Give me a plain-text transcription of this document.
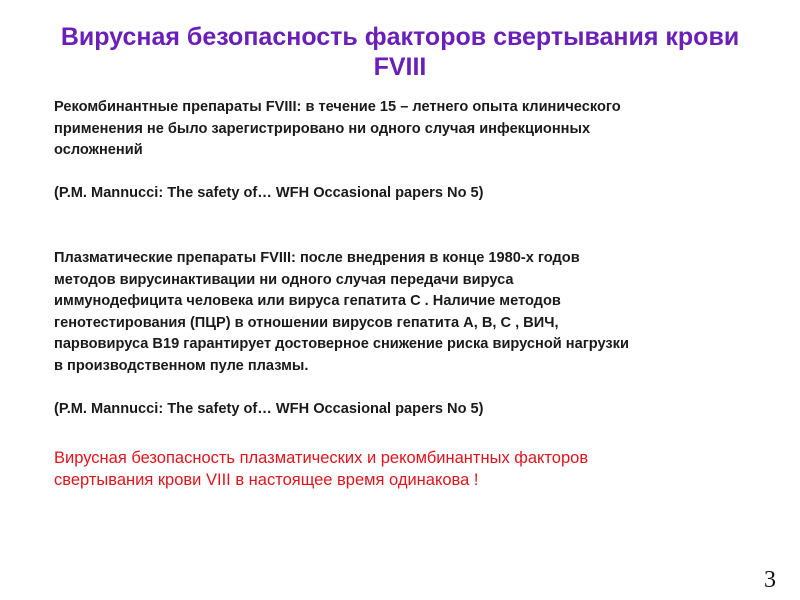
Вирусная безопасность факторов свертывания крови
FVIII
Рекомбинантные препараты FVIII: в течение 15 – летнего опыта клинического
применения не было зарегистрировано ни одного случая инфекционных
осложнений
(P.M. Mannucci: The safety of… WFH Occasional papers No 5)
Плазматические препараты FVIII: после внедрения в конце 1980-х годов
методов вирусинактивации ни одного случая передачи вируса
иммунодефицита человека или вируса гепатита С . Наличие методов
генотестирования (ПЦР) в отношении вирусов гепатита А, В, С , ВИЧ,
парвовируса В19 гарантирует достоверное снижение риска вирусной нагрузки
в производственном пуле плазмы.
(P.M. Mannucci: The safety of… WFH Occasional papers No 5)
Вирусная безопасность плазматических и рекомбинантных факторов
свертывания крови VIII в настоящее время одинакова !
3
